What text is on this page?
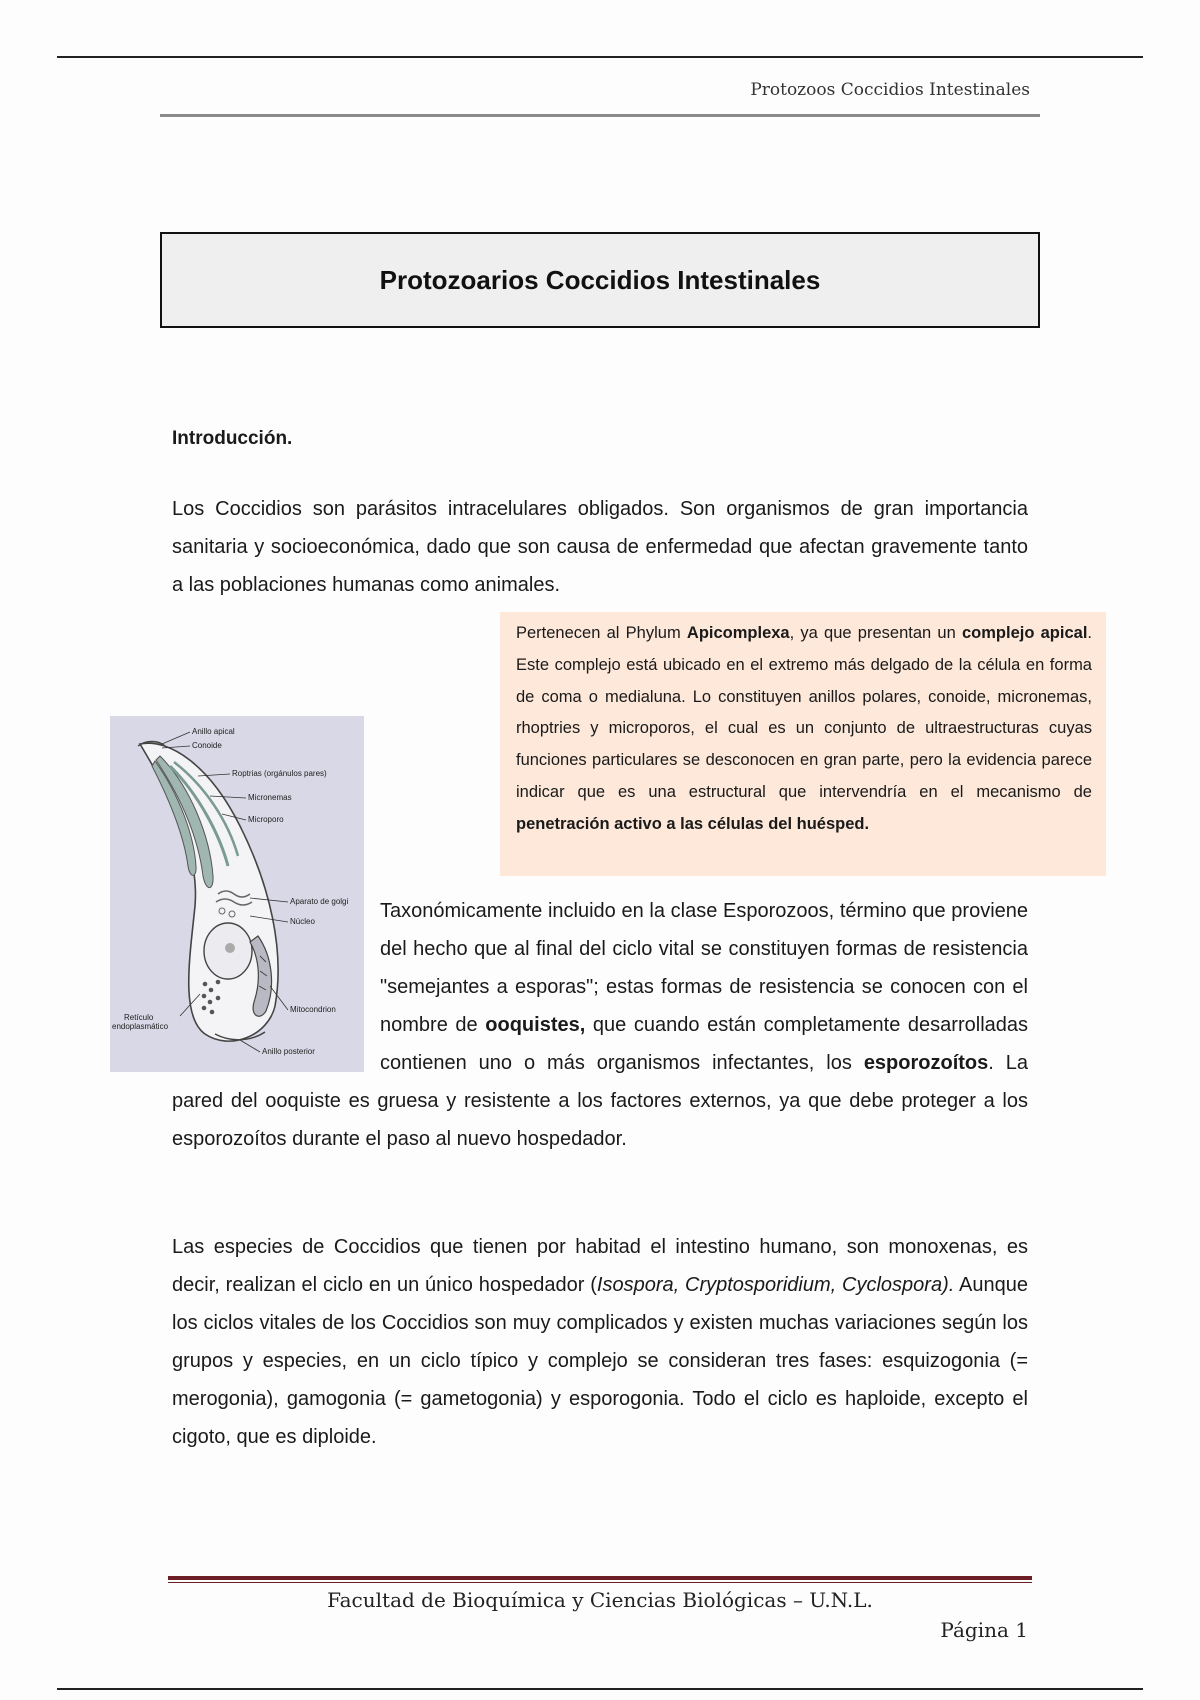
Protozoos Coccidios Intestinales
Protozoarios Coccidios Intestinales
Introducción.

Los Coccidios son parásitos intracelulares obligados. Son organismos de gran importancia sanitaria y socioeconómica, dado que son causa de enfermedad que afectan gravemente tanto a las poblaciones humanas como animales.

Pertenecen al Phylum Apicomplexa, ya que presentan un complejo apical. Este complejo está ubicado en el extremo más delgado de la célula en forma de coma o medialuna. Lo constituyen anillos polares, conoide, micronemas, rhoptries y microporos, el cual es un conjunto de ultraestructuras cuyas funciones particulares se desconocen en gran parte, pero la evidencia parece indicar que es una estructural que intervendría en el mecanismo de penetración activo a las células del huésped.

Anillo apical
Conoide
Roptrias (orgánulos pares)
Micronemas
Microporo
Aparato de golgi
Núcleo
Mitocondrion
Retículo
endoplasmático
Anillo posterior
Taxonómicamente incluido en la clase Esporozoos, término que proviene del hecho que al final del ciclo vital se constituyen formas de resistencia "semejantes a esporas"; estas formas de resistencia se conocen con el nombre de ooquistes, que cuando están completamente desarrolladas contienen uno o más organismos infectantes, los esporozoítos. La pared del ooquiste es gruesa y resistente a los factores externos, ya que debe proteger a los esporozoítos durante el paso al nuevo hospedador.
Las especies de Coccidios que tienen por habitad el intestino humano, son monoxenas, es decir, realizan el ciclo en un único hospedador (Isospora, Cryptosporidium, Cyclospora). Aunque los ciclos vitales de los Coccidios son muy complicados y existen muchas variaciones según los grupos y especies, en un ciclo típico y complejo se consideran tres fases: esquizogonia (= merogonia), gamogonia (= gametogonia) y esporogonia. Todo el ciclo es haploide, excepto el cigoto, que es diploide.
Facultad de Bioquímica y Ciencias Biológicas – U.N.L.
Página 1
